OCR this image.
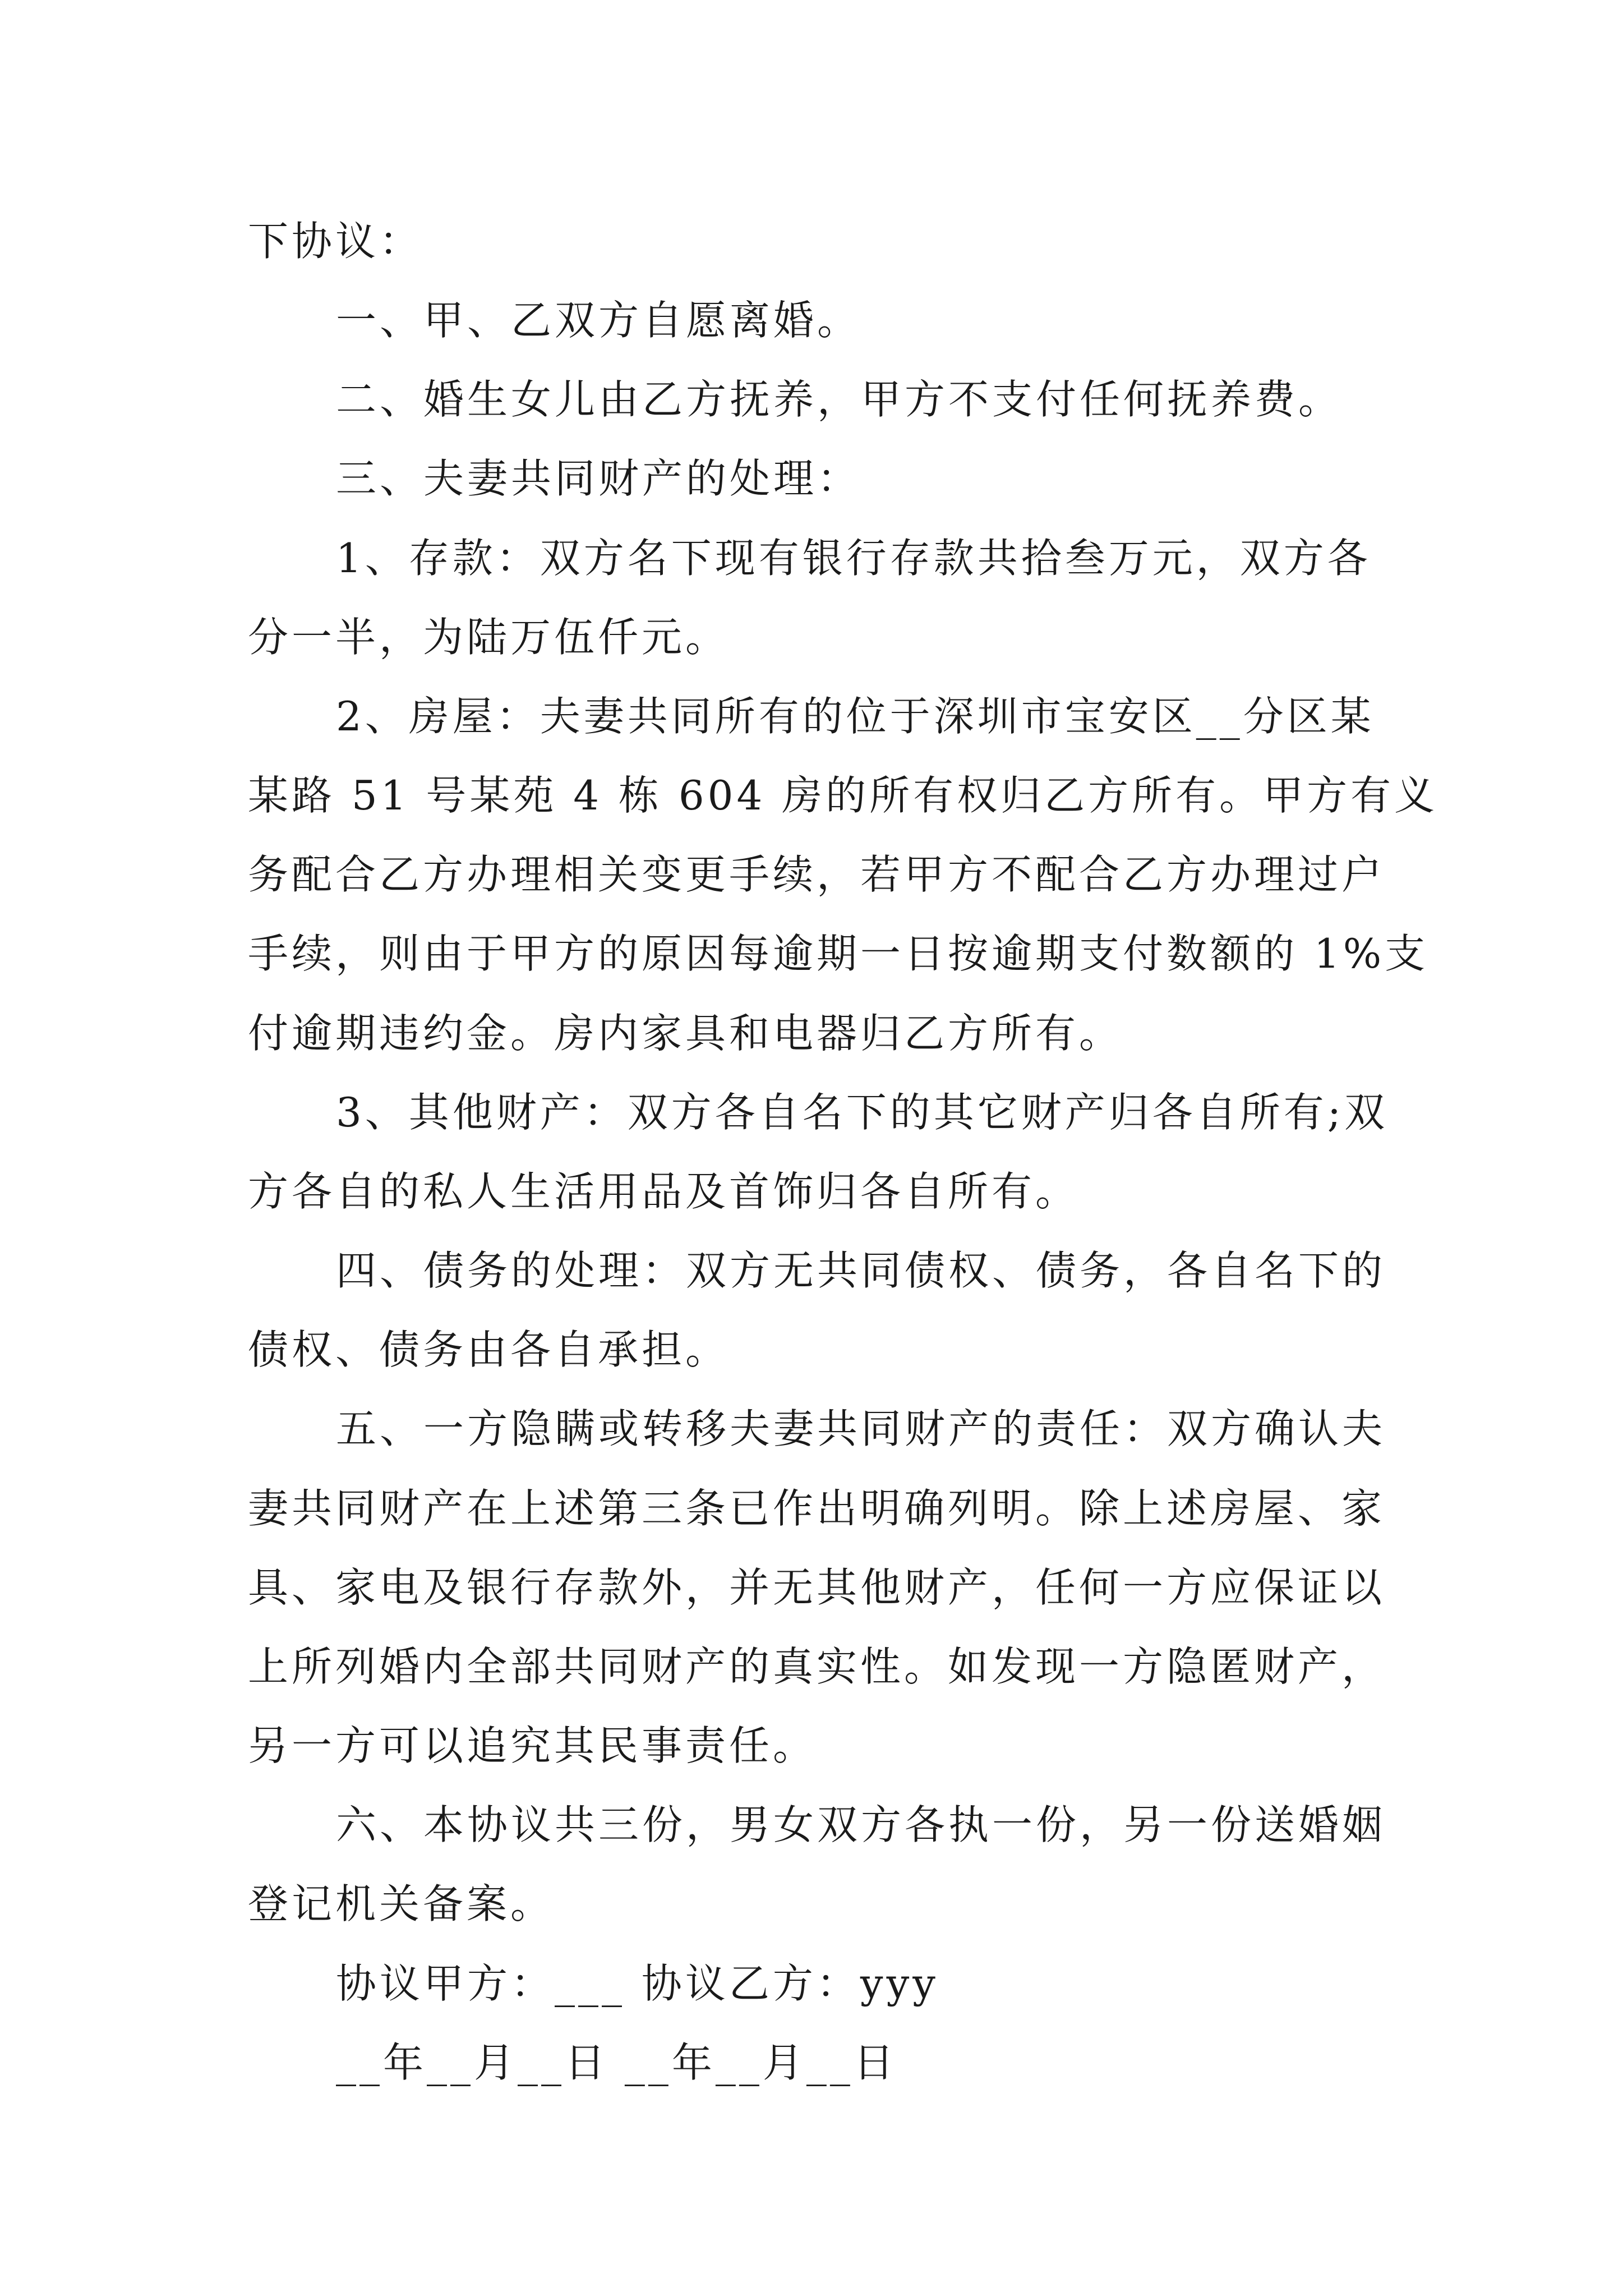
下协议：
一、甲、乙双方自愿离婚。
二、婚生女儿由乙方抚养，甲方不支付任何抚养费。
三、夫妻共同财产的处理：
1、存款：双方名下现有银行存款共拾叁万元，双方各
分一半，为陆万伍仟元。
2、房屋：夫妻共同所有的位于深圳市宝安区__分区某
某路 51 号某苑 4 栋 604 房的所有权归乙方所有。甲方有义
务配合乙方办理相关变更手续，若甲方不配合乙方办理过户
手续，则由于甲方的原因每逾期一日按逾期支付数额的 1%支
付逾期违约金。房内家具和电器归乙方所有。
3、其他财产：双方各自名下的其它财产归各自所有;双
方各自的私人生活用品及首饰归各自所有。
四、债务的处理：双方无共同债权、债务，各自名下的
债权、债务由各自承担。
五、一方隐瞒或转移夫妻共同财产的责任：双方确认夫
妻共同财产在上述第三条已作出明确列明。除上述房屋、家
具、家电及银行存款外，并无其他财产，任何一方应保证以
上所列婚内全部共同财产的真实性。如发现一方隐匿财产，
另一方可以追究其民事责任。
六、本协议共三份，男女双方各执一份，另一份送婚姻
登记机关备案。
协议甲方：___ 协议乙方：yyy
__年__月__日 __年__月__日
